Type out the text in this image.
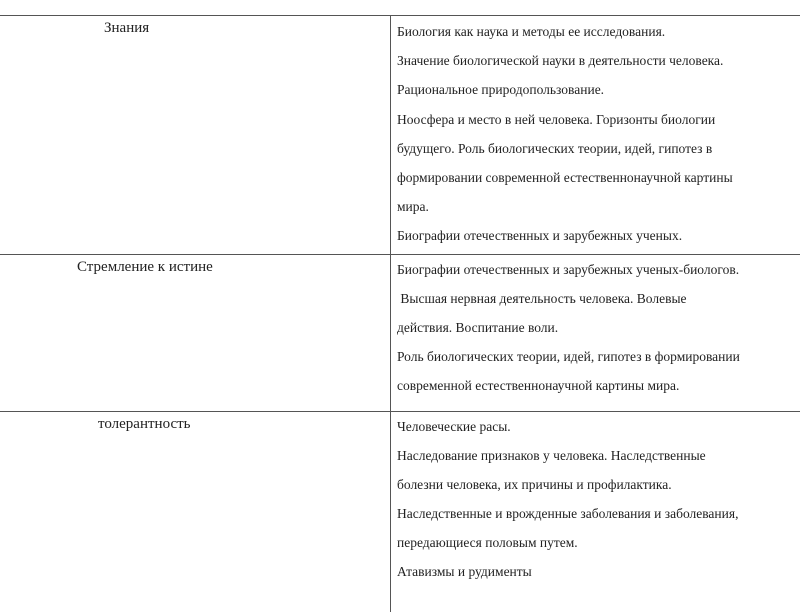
Знания	Биология как наука и методы ее исследования.
Значение биологической науки в деятельности человека.
Рациональное природопользование.
Ноосфера и место в ней человека. Горизонты биологии
будущего. Роль биологических теории, идей, гипотез в
формировании современной естественнонаучной картины
мира.
Биографии отечественных и зарубежных ученых.
Стремление к истине	Биографии отечественных и зарубежных ученых-биологов.
Высшая нервная деятельность человека. Волевые
действия. Воспитание воли.
Роль биологических теории, идей, гипотез в формировании
современной естественнонаучной картины мира.
толерантность	Человеческие расы.
Наследование признаков у человека. Наследственные
болезни человека, их причины и профилактика.
Наследственные и врожденные заболевания и заболевания,
передающиеся половым путем.
Атавизмы и рудименты
